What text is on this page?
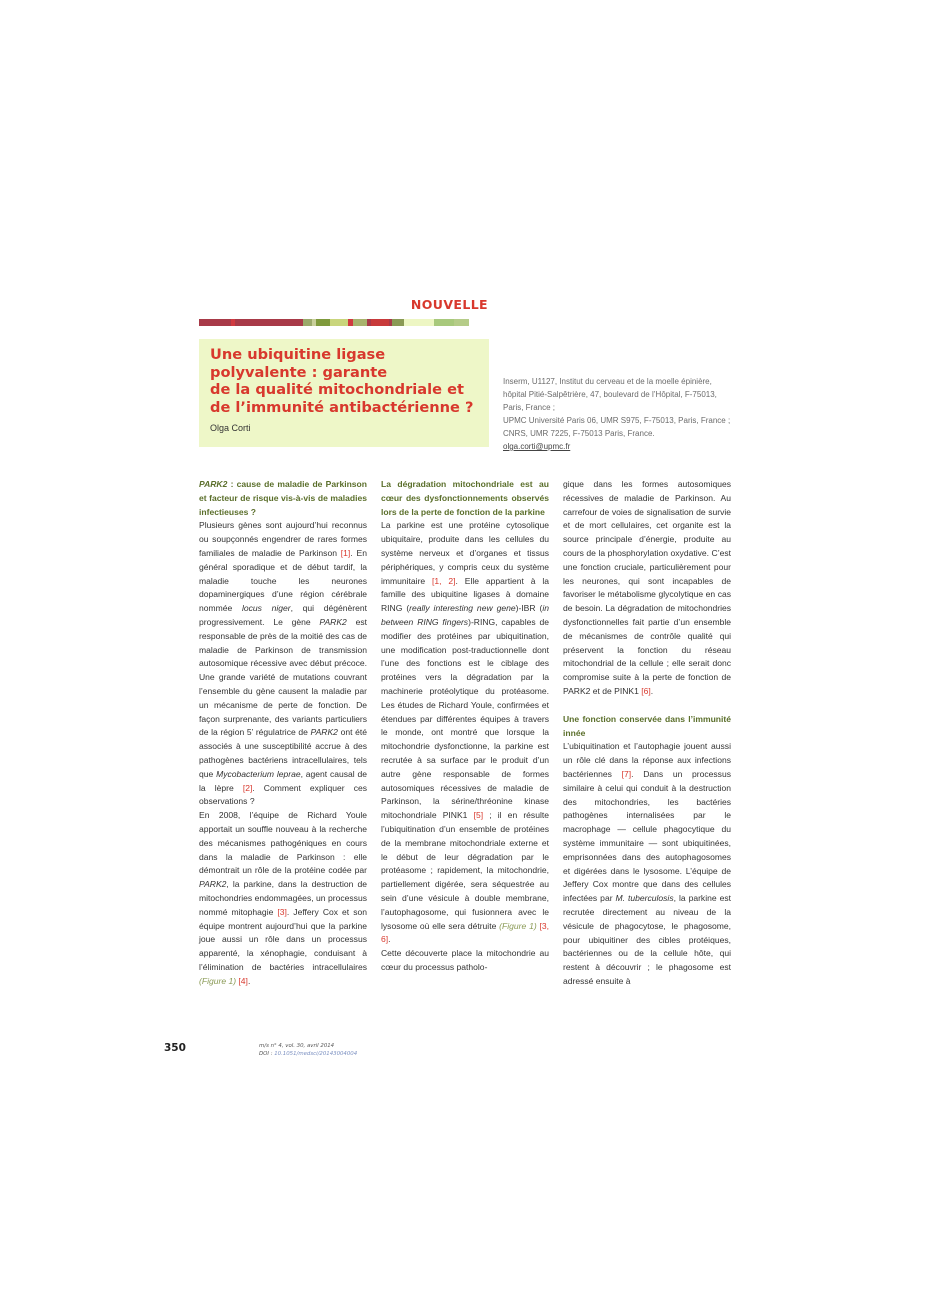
NOUVELLE
Une ubiquitine ligase
polyvalente : garante
de la qualité mitochondriale et
de l’immunité antibactérienne ?
Olga Corti
Inserm, U1127, Institut du cerveau et de la moelle épinière,
hôpital Pitié-Salpêtrière, 47, boulevard de l’Hôpital, F-75013,
Paris, France ;
UPMC Université Paris 06, UMR S975, F-75013, Paris, France ;
CNRS, UMR 7225, F-75013 Paris, France.
olga.corti@upmc.fr

PARK2 : cause de maladie de Parkinson et facteur de risque vis-à-vis de maladies infectieuses ?

Plusieurs gènes sont aujourd’hui reconnus ou soupçonnés engendrer de rares formes familiales de maladie de Parkinson [1]. En général sporadique et de début tardif, la maladie touche les neurones dopaminergiques d’une région cérébrale nommée locus niger, qui dégénèrent progressivement. Le gène PARK2 est responsable de près de la moitié des cas de maladie de Parkinson de transmission autosomique récessive avec début précoce. Une grande variété de mutations couvrant l’ensemble du gène causent la maladie par un mécanisme de perte de fonction. De façon surprenante, des variants particuliers de la région 5’ régulatrice de PARK2 ont été associés à une susceptibilité accrue à des pathogènes bactériens intracellulaires, tels que Mycobacterium leprae, agent causal de la lèpre [2]. Comment expliquer ces observations ?

En 2008, l’équipe de Richard Youle apportait un souffle nouveau à la recherche des mécanismes pathogéniques en cours dans la maladie de Parkinson : elle démontrait un rôle de la protéine codée par PARK2, la parkine, dans la destruction de mitochondries endommagées, un processus nommé mitophagie [3]. Jeffery Cox et son équipe montrent aujourd’hui que la parkine joue aussi un rôle dans un processus apparenté, la xénophagie, conduisant à l’élimination de bactéries intracellulaires (Figure 1) [4].

La dégradation mitochondriale est au cœur des dysfonctionnements observés lors de la perte de fonction de la parkine

La parkine est une protéine cytosolique ubiquitaire, produite dans les cellules du système nerveux et d’organes et tissus périphériques, y compris ceux du système immunitaire [1, 2]. Elle appartient à la famille des ubiquitine ligases à domaine RING (really interesting new gene)-IBR (in between RING fingers)-RING, capables de modifier des protéines par ubiquitination, une modification post-traductionnelle dont l’une des fonctions est le ciblage des protéines vers la dégradation par la machinerie protéolytique du protéasome. Les études de Richard Youle, confirmées et étendues par différentes équipes à travers le monde, ont montré que lorsque la mitochondrie dysfonctionne, la parkine est recrutée à sa surface par le produit d’un autre gène responsable de formes autosomiques récessives de maladie de Parkinson, la sérine/thréonine kinase mitochondriale PINK1 [5] ; il en résulte l’ubiquitination d’un ensemble de protéines de la membrane mitochondriale externe et le début de leur dégradation par le protéasome ; rapidement, la mitochondrie, partiellement digérée, sera séquestrée au sein d’une vésicule à double membrane, l’autophagosome, qui fusionnera avec le lysosome où elle sera détruite (Figure 1) [3, 6].

Cette découverte place la mitochondrie au cœur du processus patholo-

gique dans les formes autosomiques récessives de maladie de Parkinson. Au carrefour de voies de signalisation de survie et de mort cellulaires, cet organite est la source principale d’énergie, produite au cours de la phosphorylation oxydative. C’est une fonction cruciale, particulièrement pour les neurones, qui sont incapables de favoriser le métabolisme glycolytique en cas de besoin. La dégradation de mitochondries dysfonctionnelles fait partie d’un ensemble de mécanismes de contrôle qualité qui préservent la fonction du réseau mitochondrial de la cellule ; elle serait donc compromise suite à la perte de fonction de PARK2 et de PINK1 [6].

Une fonction conservée dans l’immunité innée

L’ubiquitination et l’autophagie jouent aussi un rôle clé dans la réponse aux infections bactériennes [7]. Dans un processus similaire à celui qui conduit à la destruction des mitochondries, les bactéries pathogènes internalisées par le macrophage — cellule phagocytique du système immunitaire — sont ubiquitinées, emprisonnées dans des autophagosomes et digérées dans le lysosome. L’équipe de Jeffery Cox montre que dans des cellules infectées par M. tuberculosis, la parkine est recrutée directement au niveau de la vésicule de phagocytose, le phagosome, pour ubiquitiner des cibles protéiques, bactériennes ou de la cellule hôte, qui restent à découvrir ; le phagosome est adressé ensuite à

350	m/s n° 4, vol. 30, avril 2014
DOI : 10.1051/medsci/20143004004
